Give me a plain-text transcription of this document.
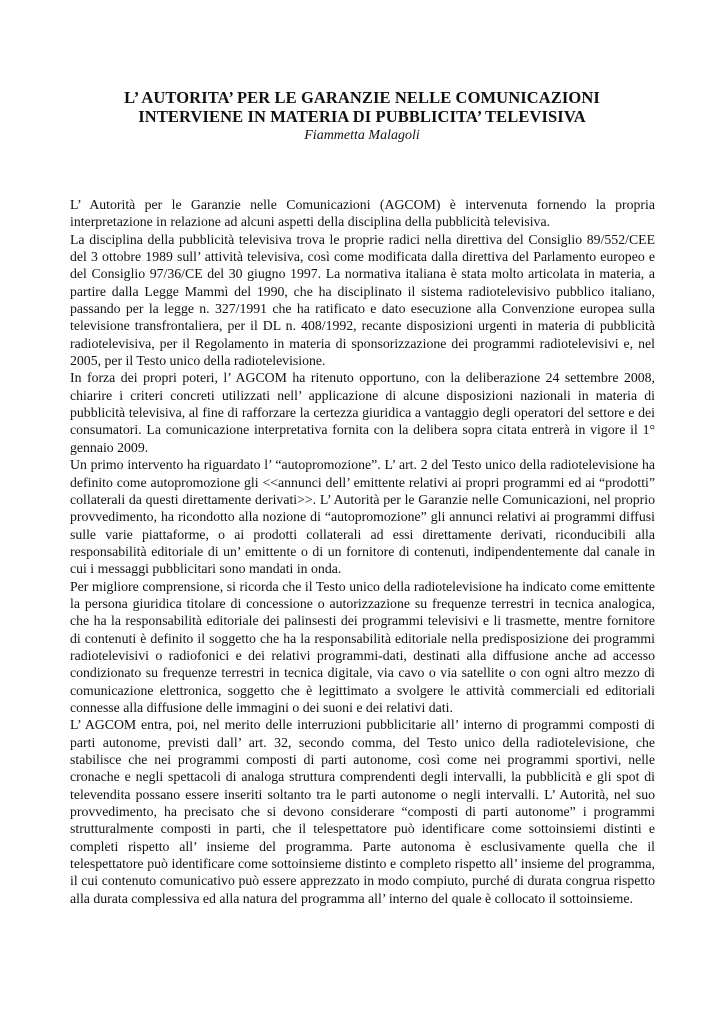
L’ AUTORITA’ PER LE GARANZIE NELLE COMUNICAZIONI
INTERVIENE IN MATERIA DI PUBBLICITA’ TELEVISIVA

Fiammetta Malagoli

L’ Autorità per le Garanzie nelle Comunicazioni (AGCOM) è intervenuta fornendo la propria interpretazione in relazione ad alcuni aspetti della disciplina della pubblicità televisiva.

La disciplina della pubblicità televisiva trova le proprie radici nella direttiva del Consiglio 89/552/CEE del 3 ottobre 1989 sull’ attività televisiva, così come modificata dalla direttiva del Parlamento europeo e del Consiglio 97/36/CE del 30 giugno 1997. La normativa italiana è stata molto articolata in materia, a partire dalla Legge Mammì del 1990, che ha disciplinato il sistema radiotelevisivo pubblico italiano, passando per la legge n. 327/1991 che ha ratificato e dato esecuzione alla Convenzione europea sulla televisione transfrontaliera, per il DL n. 408/1992, recante disposizioni urgenti in materia di pubblicità radiotelevisiva, per il Regolamento in materia di sponsorizzazione dei programmi radiotelevisivi e, nel 2005, per il Testo unico della radiotelevisione.

In forza dei propri poteri, l’ AGCOM ha ritenuto opportuno, con la deliberazione 24 settembre 2008, chiarire i criteri concreti utilizzati nell’ applicazione di alcune disposizioni nazionali in materia di pubblicità televisiva, al fine di rafforzare la certezza giuridica a vantaggio degli operatori del settore e dei consumatori. La comunicazione interpretativa fornita con la delibera sopra citata entrerà in vigore il 1° gennaio 2009.

Un primo intervento ha riguardato l’ “autopromozione”. L’ art. 2 del Testo unico della radiotelevisione ha definito come autopromozione gli <<annunci dell’ emittente relativi ai propri programmi ed ai “prodotti” collaterali da questi direttamente derivati>>. L’ Autorità per le Garanzie nelle Comunicazioni, nel proprio provvedimento, ha ricondotto alla nozione di “autopromozione” gli annunci relativi ai programmi diffusi sulle varie piattaforme, o ai prodotti collaterali ad essi direttamente derivati, riconducibili alla responsabilità editoriale di un’ emittente o di un fornitore di contenuti, indipendentemente dal canale in cui i messaggi pubblicitari sono mandati in onda.

Per migliore comprensione, si ricorda che il Testo unico della radiotelevisione ha indicato come emittente la persona giuridica titolare di concessione o autorizzazione su frequenze terrestri in tecnica analogica, che ha la responsabilità editoriale dei palinsesti dei programmi televisivi e li trasmette, mentre fornitore di contenuti è definito il soggetto che ha la responsabilità editoriale nella predisposizione dei programmi radiotelevisivi o radiofonici e dei relativi programmi-dati, destinati alla diffusione anche ad accesso condizionato su frequenze terrestri in tecnica digitale, via cavo o via satellite o con ogni altro mezzo di comunicazione elettronica, soggetto che è legittimato a svolgere le attività commerciali ed editoriali connesse alla diffusione delle immagini o dei suoni e dei relativi dati.

L’ AGCOM entra, poi, nel merito delle interruzioni pubblicitarie all’ interno di programmi composti di parti autonome, previsti dall’ art. 32, secondo comma, del Testo unico della radiotelevisione, che stabilisce che nei programmi composti di parti autonome, così come nei programmi sportivi, nelle cronache e negli spettacoli di analoga struttura comprendenti degli intervalli, la pubblicità e gli spot di televendita possano essere inseriti soltanto tra le parti autonome o negli intervalli. L’ Autorità, nel suo provvedimento, ha precisato che si devono considerare “composti di parti autonome” i programmi strutturalmente composti in parti, che il telespettatore può identificare come sottoinsiemi distinti e completi rispetto all’ insieme del programma. Parte autonoma è esclusivamente quella che il telespettatore può identificare come sottoinsieme distinto e completo rispetto all’ insieme del programma, il cui contenuto comunicativo può essere apprezzato in modo compiuto, purché di durata congrua rispetto alla durata complessiva ed alla natura del programma all’ interno del quale è collocato il sottoinsieme.
